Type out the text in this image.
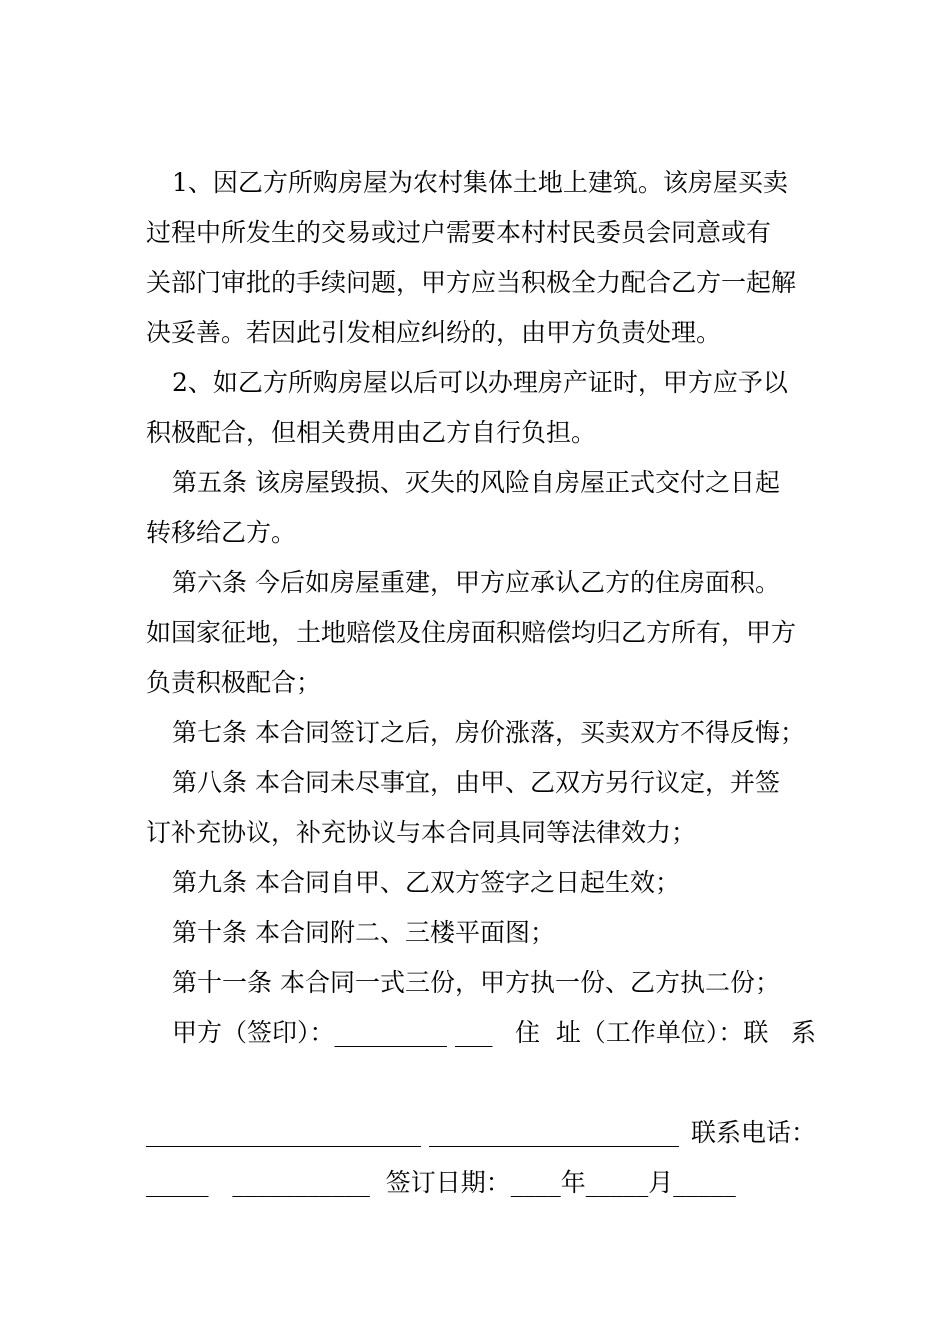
1、因乙方所购房屋为农村集体土地上建筑。该房屋买卖
过程中所发生的交易或过户需要本村村民委员会同意或有
关部门审批的手续问题，甲方应当积极全力配合乙方一起解
决妥善。若因此引发相应纠纷的，由甲方负责处理。
2、如乙方所购房屋以后可以办理房产证时，甲方应予以
积极配合，但相关费用由乙方自行负担。
第五条 该房屋毁损、灭失的风险自房屋正式交付之日起
转移给乙方。
第六条 今后如房屋重建，甲方应承认乙方的住房面积。
如国家征地，土地赔偿及住房面积赔偿均归乙方所有，甲方
负责积极配合；
第七条 本合同签订之后，房价涨落，买卖双方不得反悔；
第八条 本合同未尽事宜，由甲、乙双方另行议定，并签
订补充协议，补充协议与本合同具同等法律效力；
第九条 本合同自甲、乙双方签字之日起生效；
第十条 本合同附二、三楼平面图；
第十一条 本合同一式三份，甲方执一份、乙方执二份；
甲方（签印）：_________ ___ 住  址（工作单位）：联 系

______________________ ____________________ 联系电话：
_____   ___________  签订日期：____年_____月_____
